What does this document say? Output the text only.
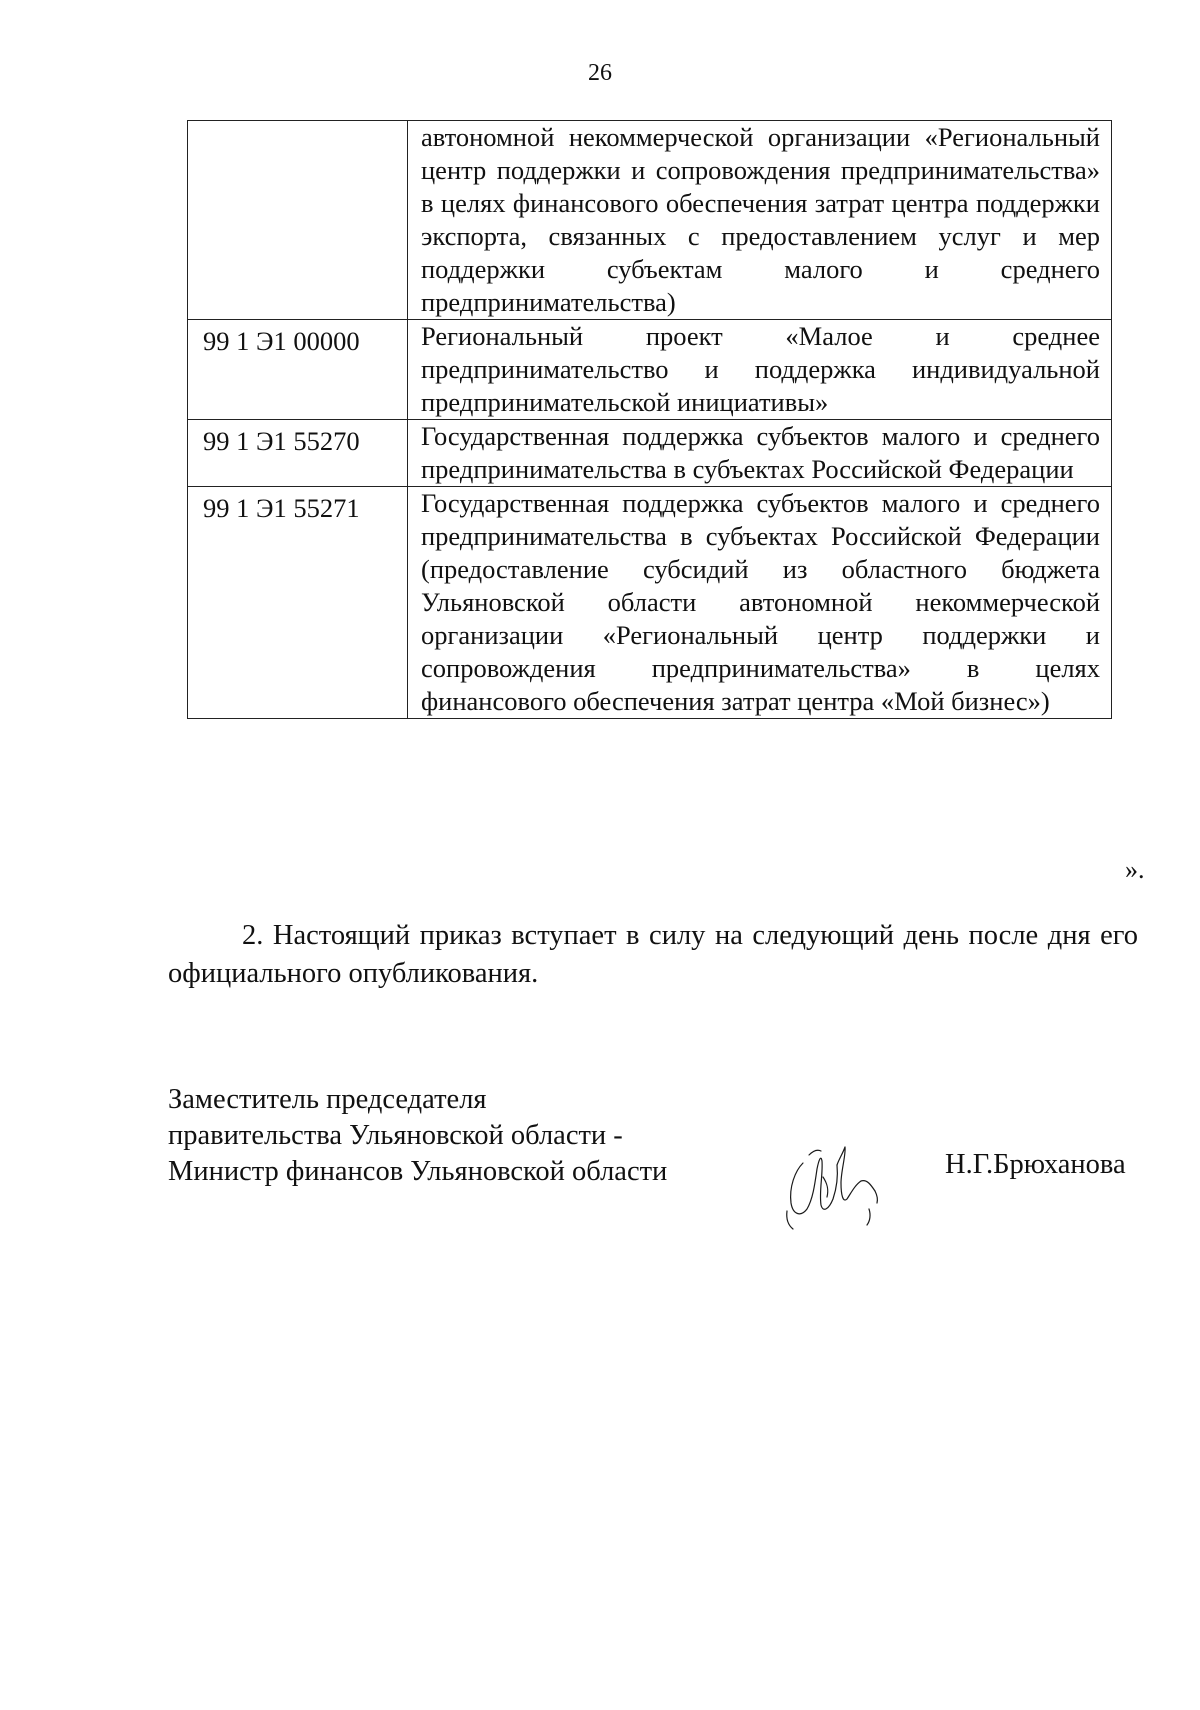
26
	автономной некоммерческой организации «Региональный центр поддержки и сопровождения предпринимательства» в целях финансового обеспечения затрат центра поддержки экспорта, связанных с предоставлением услуг и мер поддержки субъектам малого и среднего предпринимательства)
99 1 Э1 00000	Региональный проект «Малое и среднее предпринимательство и поддержка индивидуальной предпринимательской инициативы»
99 1 Э1 55270	Государственная поддержка субъектов малого и среднего предпринимательства в субъектах Российской Федерации
99 1 Э1 55271	Государственная поддержка субъектов малого и среднего предпринимательства в субъектах Российской Федерации (предоставление субсидий из областного бюджета Ульяновской области автономной некоммерческой организации «Региональный центр поддержки и сопровождения предпринимательства» в целях финансового обеспечения затрат центра «Мой бизнес»)
».

2. Настоящий приказ вступает в силу на следующий день после дня его официального опубликования.

Заместитель председателя
правительства Ульяновской области -
Министр финансов Ульяновской области	Н.Г.Брюханова
